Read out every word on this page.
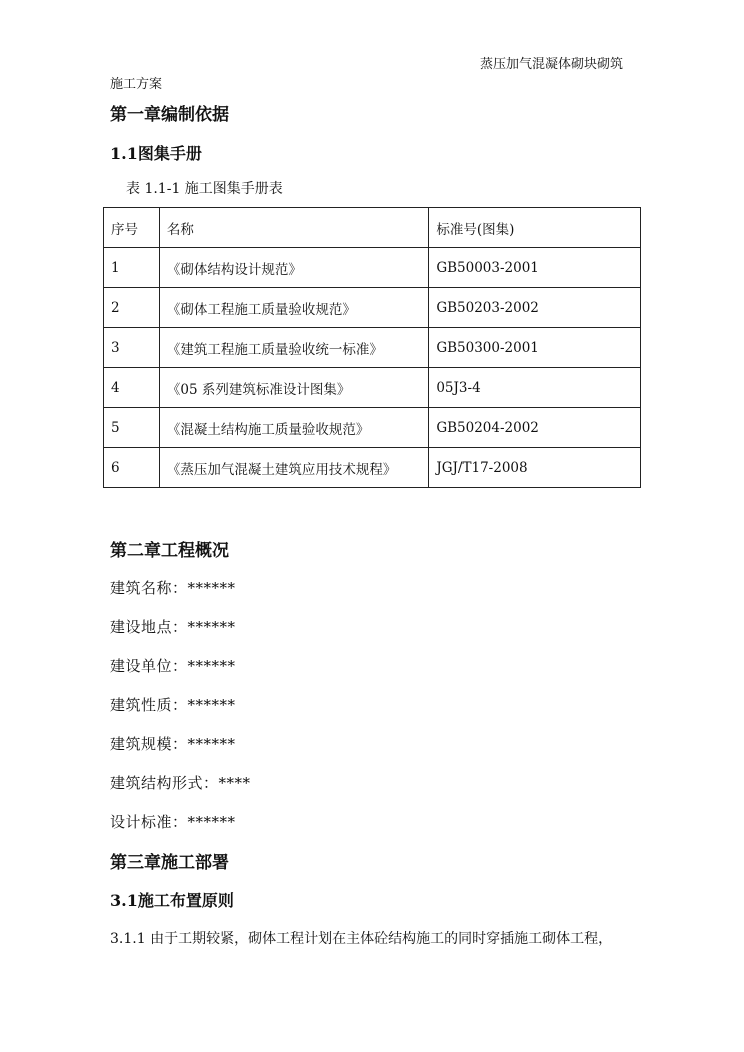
蒸压加气混凝体砌块砌筑
施工方案
第一章编制依据
1.1图集手册
表 1.1-1 施工图集手册表
序号	名称	标准号(图集)
1	《砌体结构设计规范》	GB50003-2001
2	《砌体工程施工质量验收规范》	GB50203-2002
3	《建筑工程施工质量验收统一标准》	GB50300-2001
4	《05 系列建筑标准设计图集》	05J3-4
5	《混凝土结构施工质量验收规范》	GB50204-2002
6	《蒸压加气混凝土建筑应用技术规程》	JGJ/T17-2008
第二章工程概况
建筑名称：******
建设地点：******
建设单位：******
建筑性质：******
建筑规模：******
建筑结构形式：****
设计标准：******
第三章施工部署
3.1施工布置原则
3.1.1 由于工期较紧，砌体工程计划在主体砼结构施工的同时穿插施工砌体工程，
